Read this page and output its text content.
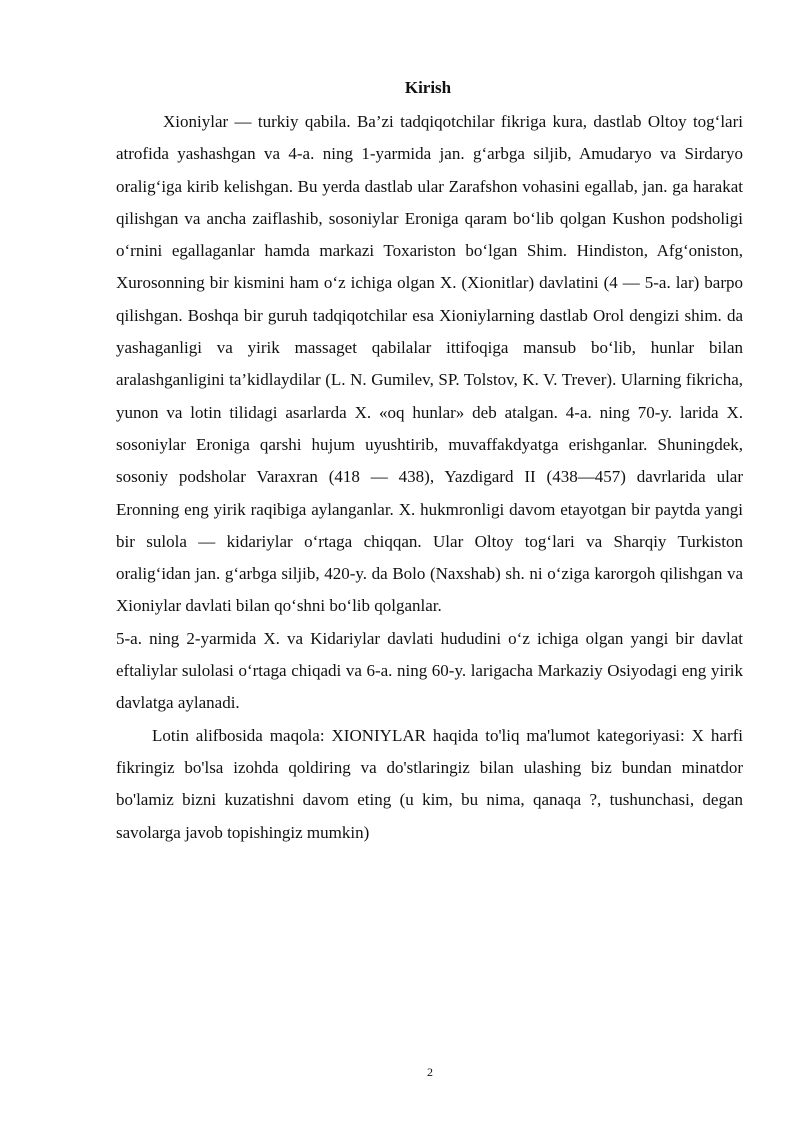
Kirish

Xioniylar — turkiy qabila. Ba’zi tadqiqotchilar fikriga kura, dastlab Oltoy tog‘lari atrofida yashashgan va 4-a. ning 1-yarmida jan. g‘arbga siljib, Amudaryo va Sirdaryo oralig‘iga kirib kelishgan. Bu yerda dastlab ular Zarafshon vohasini egallab, jan. ga harakat qilishgan va ancha zaiflashib, sosoniylar Eroniga qaram bo‘lib qolgan Kushon podsholigi o‘rnini egallaganlar hamda markazi Toxariston bo‘lgan Shim. Hindiston, Afg‘oniston, Xurosonning bir kismini ham o‘z ichiga olgan X. (Xionitlar) davlatini (4 — 5-a. lar) barpo qilishgan. Boshqa bir guruh tadqiqotchilar esa Xioniylarning dastlab Orol dengizi shim. da yashaganligi va yirik massaget qabilalar ittifoqiga mansub bo‘lib, hunlar bilan aralashganligini ta’kidlaydilar (L. N. Gumilev, SP. Tolstov, K. V. Trever). Ularning fikricha, yunon va lotin tilidagi asarlarda X. «oq hunlar» deb atalgan. 4-a. ning 70-y. larida X. sosoniylar Eroniga qarshi hujum uyushtirib, muvaffakdyatga erishganlar. Shuningdek, sosoniy podsholar Varaxran (418 — 438), Yazdigard II (438—457) davrlarida ular Eronning eng yirik raqibiga aylanganlar. X. hukmronligi davom etayotgan bir paytda yangi bir sulola — kidariylar o‘rtaga chiqqan. Ular Oltoy tog‘lari va Sharqiy Turkiston oralig‘idan jan. g‘arbga siljib, 420-y. da Bolo (Naxshab) sh. ni o‘ziga karorgoh qilishgan va Xioniylar davlati bilan qo‘shni bo‘lib qolganlar.

5-a. ning 2-yarmida X. va Kidariylar davlati hududini o‘z ichiga olgan yangi bir davlat eftaliylar sulolasi o‘rtaga chiqadi va 6-a. ning 60-y. larigacha Markaziy Osiyodagi eng yirik davlatga aylanadi.

Lotin alifbosida maqola: XIONIYLAR haqida to'liq ma'lumot kategoriyasi: X harfi fikringiz bo'lsa izohda qoldiring va do'stlaringiz bilan ulashing biz bundan minatdor bo'lamiz bizni kuzatishni davom eting (u kim, bu nima, qanaqa ?, tushunchasi, degan savolarga javob topishingiz mumkin)

2
